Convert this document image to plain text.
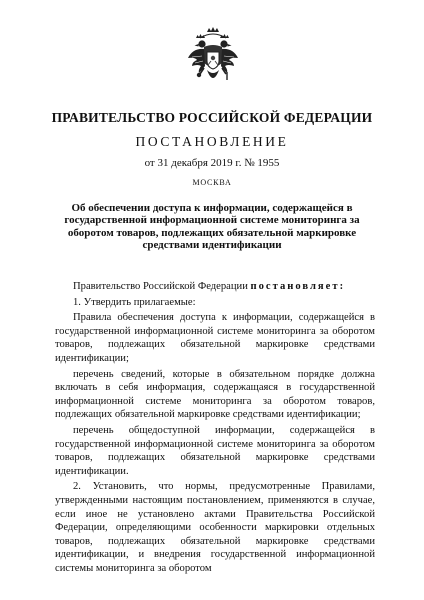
ПРАВИТЕЛЬСТВО РОССИЙСКОЙ ФЕДЕРАЦИИ
ПОСТАНОВЛЕНИЕ
от 31 декабря 2019 г. № 1955
МОСКВА
Об обеспечении доступа к информации, содержащейся в государственной информационной системе мониторинга за оборотом товаров, подлежащих обязательной маркировке средствами идентификации

Правительство Российской Федерации постановляет:

1. Утвердить прилагаемые:

Правила обеспечения доступа к информации, содержащейся в государственной информационной системе мониторинга за оборотом товаров, подлежащих обязательной маркировке средствами идентификации;

перечень сведений, которые в обязательном порядке должна включать в себя информация, содержащаяся в государственной информационной системе мониторинга за оборотом товаров, подлежащих обязательной маркировке средствами идентификации;

перечень общедоступной информации, содержащейся в государственной информационной системе мониторинга за оборотом товаров, подлежащих обязательной маркировке средствами идентификации.

2. Установить, что нормы, предусмотренные Правилами, утвержденными настоящим постановлением, применяются в случае, если иное не установлено актами Правительства Российской Федерации, определяющими особенности маркировки отдельных товаров, подлежащих обязательной маркировке средствами идентификации, и внедрения государственной информационной системы мониторинга за оборотом
